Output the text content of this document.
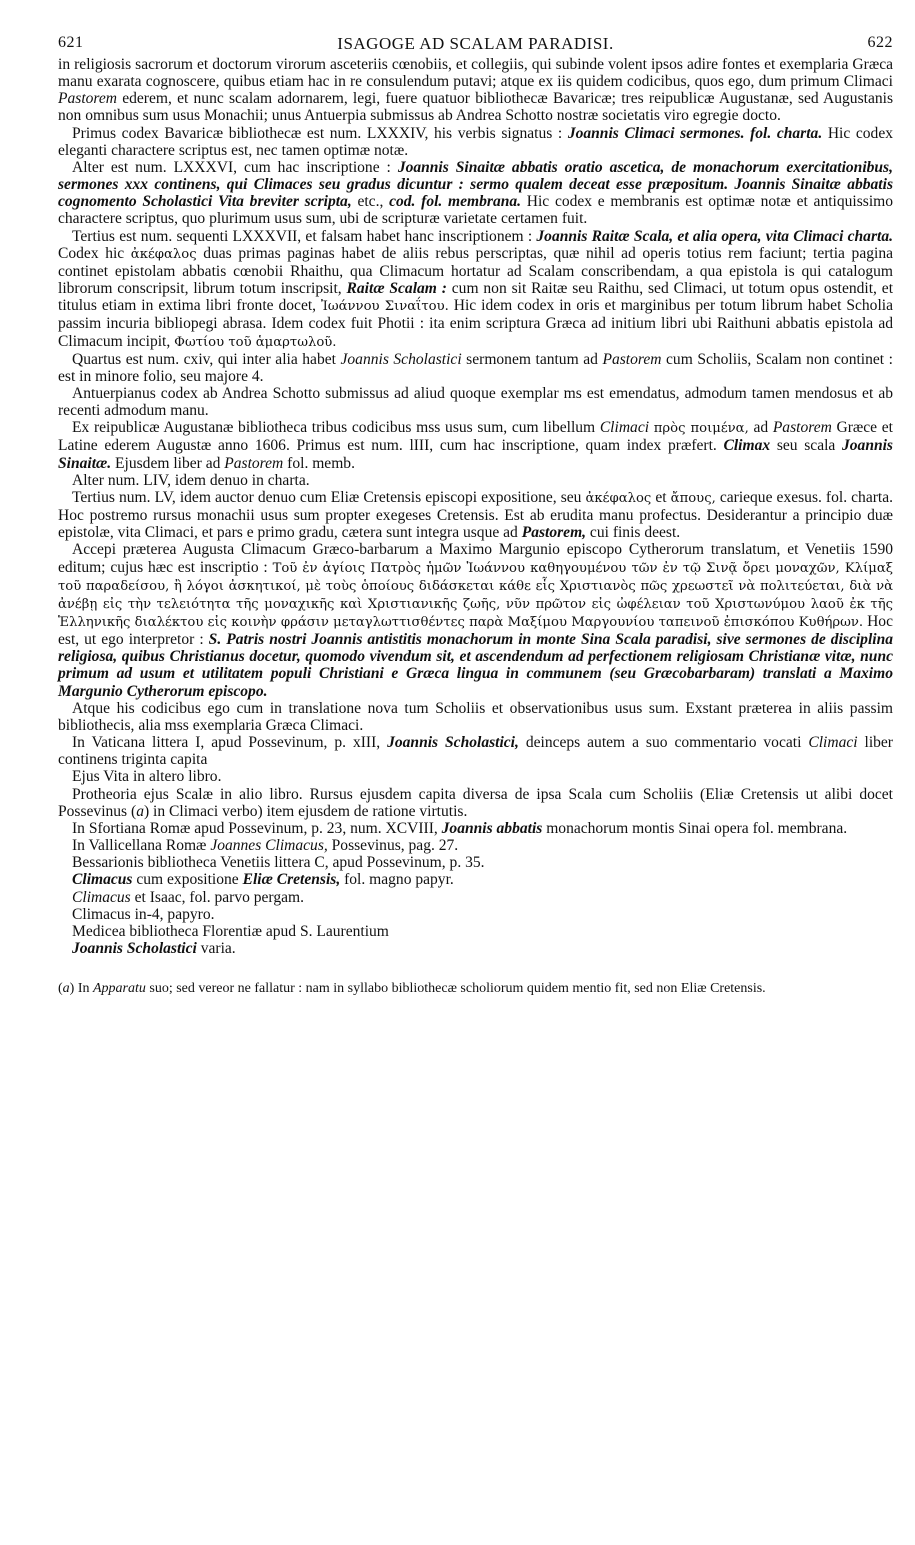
621	ISAGOGE AD SCALAM PARADISI.	622

in religiosis sacrorum et doctorum virorum asceteriis cœnobiis, et collegiis, qui subinde volent ipsos adire fontes et exemplaria Græca manu exarata cognoscere, quibus etiam hac in re consulendum putavi; atque ex iis quidem codicibus, quos ego, dum primum Climaci Pastorem ederem, et nunc scalam adornarem, legi, fuere quatuor bibliothecæ Bavaricæ; tres reipublicæ Augustanæ, sed Augustanis non omnibus sum usus Monachii; unus Antuerpia submissus ab Andrea Schotto nostræ societatis viro egregie docto.

Primus codex Bavaricæ bibliothecæ est num. LXXXIV, his verbis signatus : Joannis Climaci sermones. fol. charta. Hic codex eleganti charactere scriptus est, nec tamen optimæ notæ.

Alter est num. LXXXVI, cum hac inscriptione : Joannis Sinaitæ abbatis oratio ascetica, de monachorum exercitationibus, sermones xxx continens, qui Climaces seu gradus dicuntur : sermo qualem deceat esse præpositum. Joannis Sinaitæ abbatis cognomento Scholastici Vita breviter scripta, etc., cod. fol. membrana. Hic codex e membranis est optimæ notæ et antiquissimo charactere scriptus, quo plurimum usus sum, ubi de scripturæ varietate certamen fuit.

Tertius est num. sequenti LXXXVII, et falsam habet hanc inscriptionem : Joannis Raitæ Scala, et alia opera, vita Climaci charta. Codex hic ἀκέφαλος duas primas paginas habet de aliis rebus perscriptas, quæ nihil ad operis totius rem faciunt; tertia pagina continet epistolam abbatis cœnobii Rhaithu, qua Climacum hortatur ad Scalam conscribendam, a qua epistola is qui catalogum librorum conscripsit, librum totum inscripsit, Raitæ Scalam : cum non sit Raitæ seu Raithu, sed Climaci, ut totum opus ostendit, et titulus etiam in extima libri fronte docet, Ἰωάννου Σιναΐτου. Hic idem codex in oris et marginibus per totum librum habet Scholia passim incuria bibliopegi abrasa. Idem codex fuit Photii : ita enim scriptura Græca ad initium libri ubi Raithuni abbatis epistola ad Climacum incipit, Φωτίου τοῦ ἁμαρτωλοῦ.

Quartus est num. cxiv, qui inter alia habet Joannis Scholastici sermonem tantum ad Pastorem cum Scholiis, Scalam non continet : est in minore folio, seu majore 4.

Antuerpianus codex ab Andrea Schotto submissus ad aliud quoque exemplar ms est emendatus, admodum tamen mendosus et ab recenti admodum manu.

Ex reipublicæ Augustanæ bibliotheca tribus codicibus mss usus sum, cum libellum Climaci πρὸς ποιμένα, ad Pastorem Græce et Latine ederem Augustæ anno 1606. Primus est num. lIII, cum hac inscriptione, quam index præfert. Climax seu scala Joannis Sinaitæ. Ejusdem liber ad Pastorem fol. memb.

Alter num. LIV, idem denuo in charta.

Tertius num. LV, idem auctor denuo cum Eliæ Cretensis episcopi expositione, seu ἀκέφαλος et ἄπους, carieque exesus. fol. charta. Hoc postremo rursus monachii usus sum propter exegeses Cretensis. Est ab erudita manu profectus. Desiderantur a principio duæ epistolæ, vita Climaci, et pars e primo gradu, cætera sunt integra usque ad Pastorem, cui finis deest.

Accepi præterea Augusta Climacum Græco-barbarum a Maximo Margunio episcopo Cytherorum translatum, et Venetiis 1590 editum; cujus hæc est inscriptio : Τοῦ ἐν ἁγίοις Πατρὸς ἡμῶν Ἰωάννου καθηγουμένου τῶν ἐν τῷ Σινᾷ ὄρει μοναχῶν, Κλίμαξ τοῦ παραδείσου, ἢ λόγοι ἀσκητικοί, μὲ τοὺς ὁποίους διδάσκεται κάθε εἷς Χριστιανὸς πῶς χρεωστεῖ νὰ πολιτεύεται, διὰ νὰ ἀνέβῃ εἰς τὴν τελειότητα τῆς μοναχικῆς καὶ Χριστιανικῆς ζωῆς, νῦν πρῶτον εἰς ὠφέλειαν τοῦ Χριστωνύμου λαοῦ ἐκ τῆς Ἑλληνικῆς διαλέκτου εἰς κοινὴν φράσιν μεταγλωττισθέντες παρὰ Μαξίμου Μαργουνίου ταπεινοῦ ἐπισκόπου Κυθήρων. Hoc est, ut ego interpretor : S. Patris nostri Joannis antistitis monachorum in monte Sina Scala paradisi, sive sermones de disciplina religiosa, quibus Christianus docetur, quomodo vivendum sit, et ascendendum ad perfectionem religiosam Christianæ vitæ, nunc primum ad usum et utilitatem populi Christiani e Græca lingua in communem (seu Græcobarbaram) translati a Maximo Margunio Cytherorum episcopo.

Atque his codicibus ego cum in translatione nova tum Scholiis et observationibus usus sum. Exstant præterea in aliis passim bibliothecis, alia mss exemplaria Græca Climaci.

In Vaticana littera I, apud Possevinum, p. xIII, Joannis Scholastici, deinceps autem a suo commentario vocati Climaci liber continens triginta capita

Ejus Vita in altero libro.

Protheoria ejus Scalæ in alio libro. Rursus ejusdem capita diversa de ipsa Scala cum Scholiis (Eliæ Cretensis ut alibi docet Possevinus (a) in Climaci verbo) item ejusdem de ratione virtutis.

In Sfortiana Romæ apud Possevinum, p. 23, num. XCVIII, Joannis abbatis monachorum montis Sinai opera fol. membrana.

In Vallicellana Romæ Joannes Climacus, Possevinus, pag. 27.

Bessarionis bibliotheca Venetiis littera C, apud Possevinum, p. 35.

Climacus cum expositione Eliæ Cretensis, fol. magno papyr.

Climacus et Isaac, fol. parvo pergam.

Climacus in-4, papyro.

Medicea bibliotheca Florentiæ apud S. Laurentium

Joannis Scholastici varia.

(a) In Apparatu suo; sed vereor ne fallatur : nam in syllabo bibliothecæ scholiorum quidem mentio fit, sed non Eliæ Cretensis.
